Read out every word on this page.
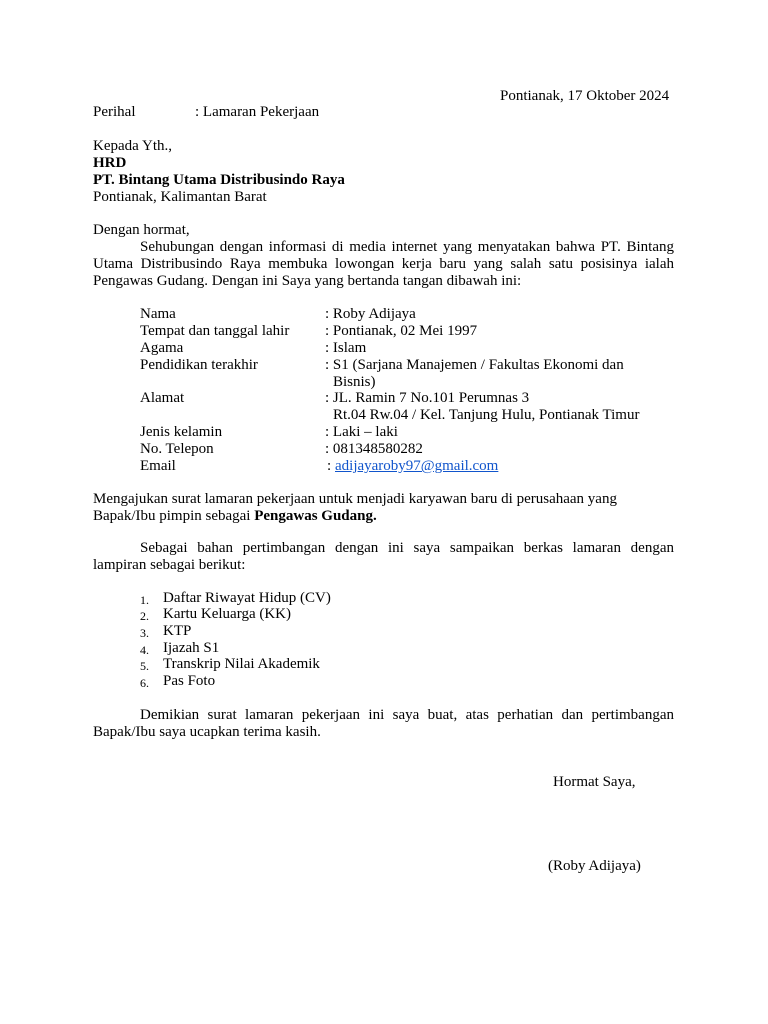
Pontianak, 17 Oktober 2024
Perihal	: Lamaran Pekerjaan
Kepada Yth.,
HRD
PT. Bintang Utama Distribusindo Raya
Pontianak, Kalimantan Barat
Dengan hormat,
Sehubungan dengan informasi di media internet yang menyatakan bahwa PT. Bintang Utama Distribusindo Raya membuka lowongan kerja baru yang salah satu posisinya ialah Pengawas Gudang. Dengan ini Saya yang bertanda tangan dibawah ini:
Nama	: Roby Adijaya
Tempat dan tanggal lahir : Pontianak, 02 Mei 1997
Agama	: Islam
Pendidikan terakhir	: S1 (Sarjana Manajemen / Fakultas Ekonomi dan
Bisnis)
Alamat	: JL. Ramin 7 No.101 Perumnas 3
Rt.04 Rw.04 / Kel. Tanjung Hulu, Pontianak Timur
Jenis kelamin	: Laki – laki
No. Telepon	: 081348580282
Email	: adijayaroby97@gmail.com
Mengajukan surat lamaran pekerjaan untuk menjadi karyawan baru di perusahaan yang Bapak/Ibu pimpin sebagai Pengawas Gudang.
Sebagai bahan pertimbangan dengan ini saya sampaikan berkas lamaran dengan lampiran sebagai berikut:
1. Daftar Riwayat Hidup (CV)
2. Kartu Keluarga (KK)
3. KTP
4. Ijazah S1
5. Transkrip Nilai Akademik
6. Pas Foto
Demikian surat lamaran pekerjaan ini saya buat, atas perhatian dan pertimbangan Bapak/Ibu saya ucapkan terima kasih.
Hormat Saya,
(Roby Adijaya)
